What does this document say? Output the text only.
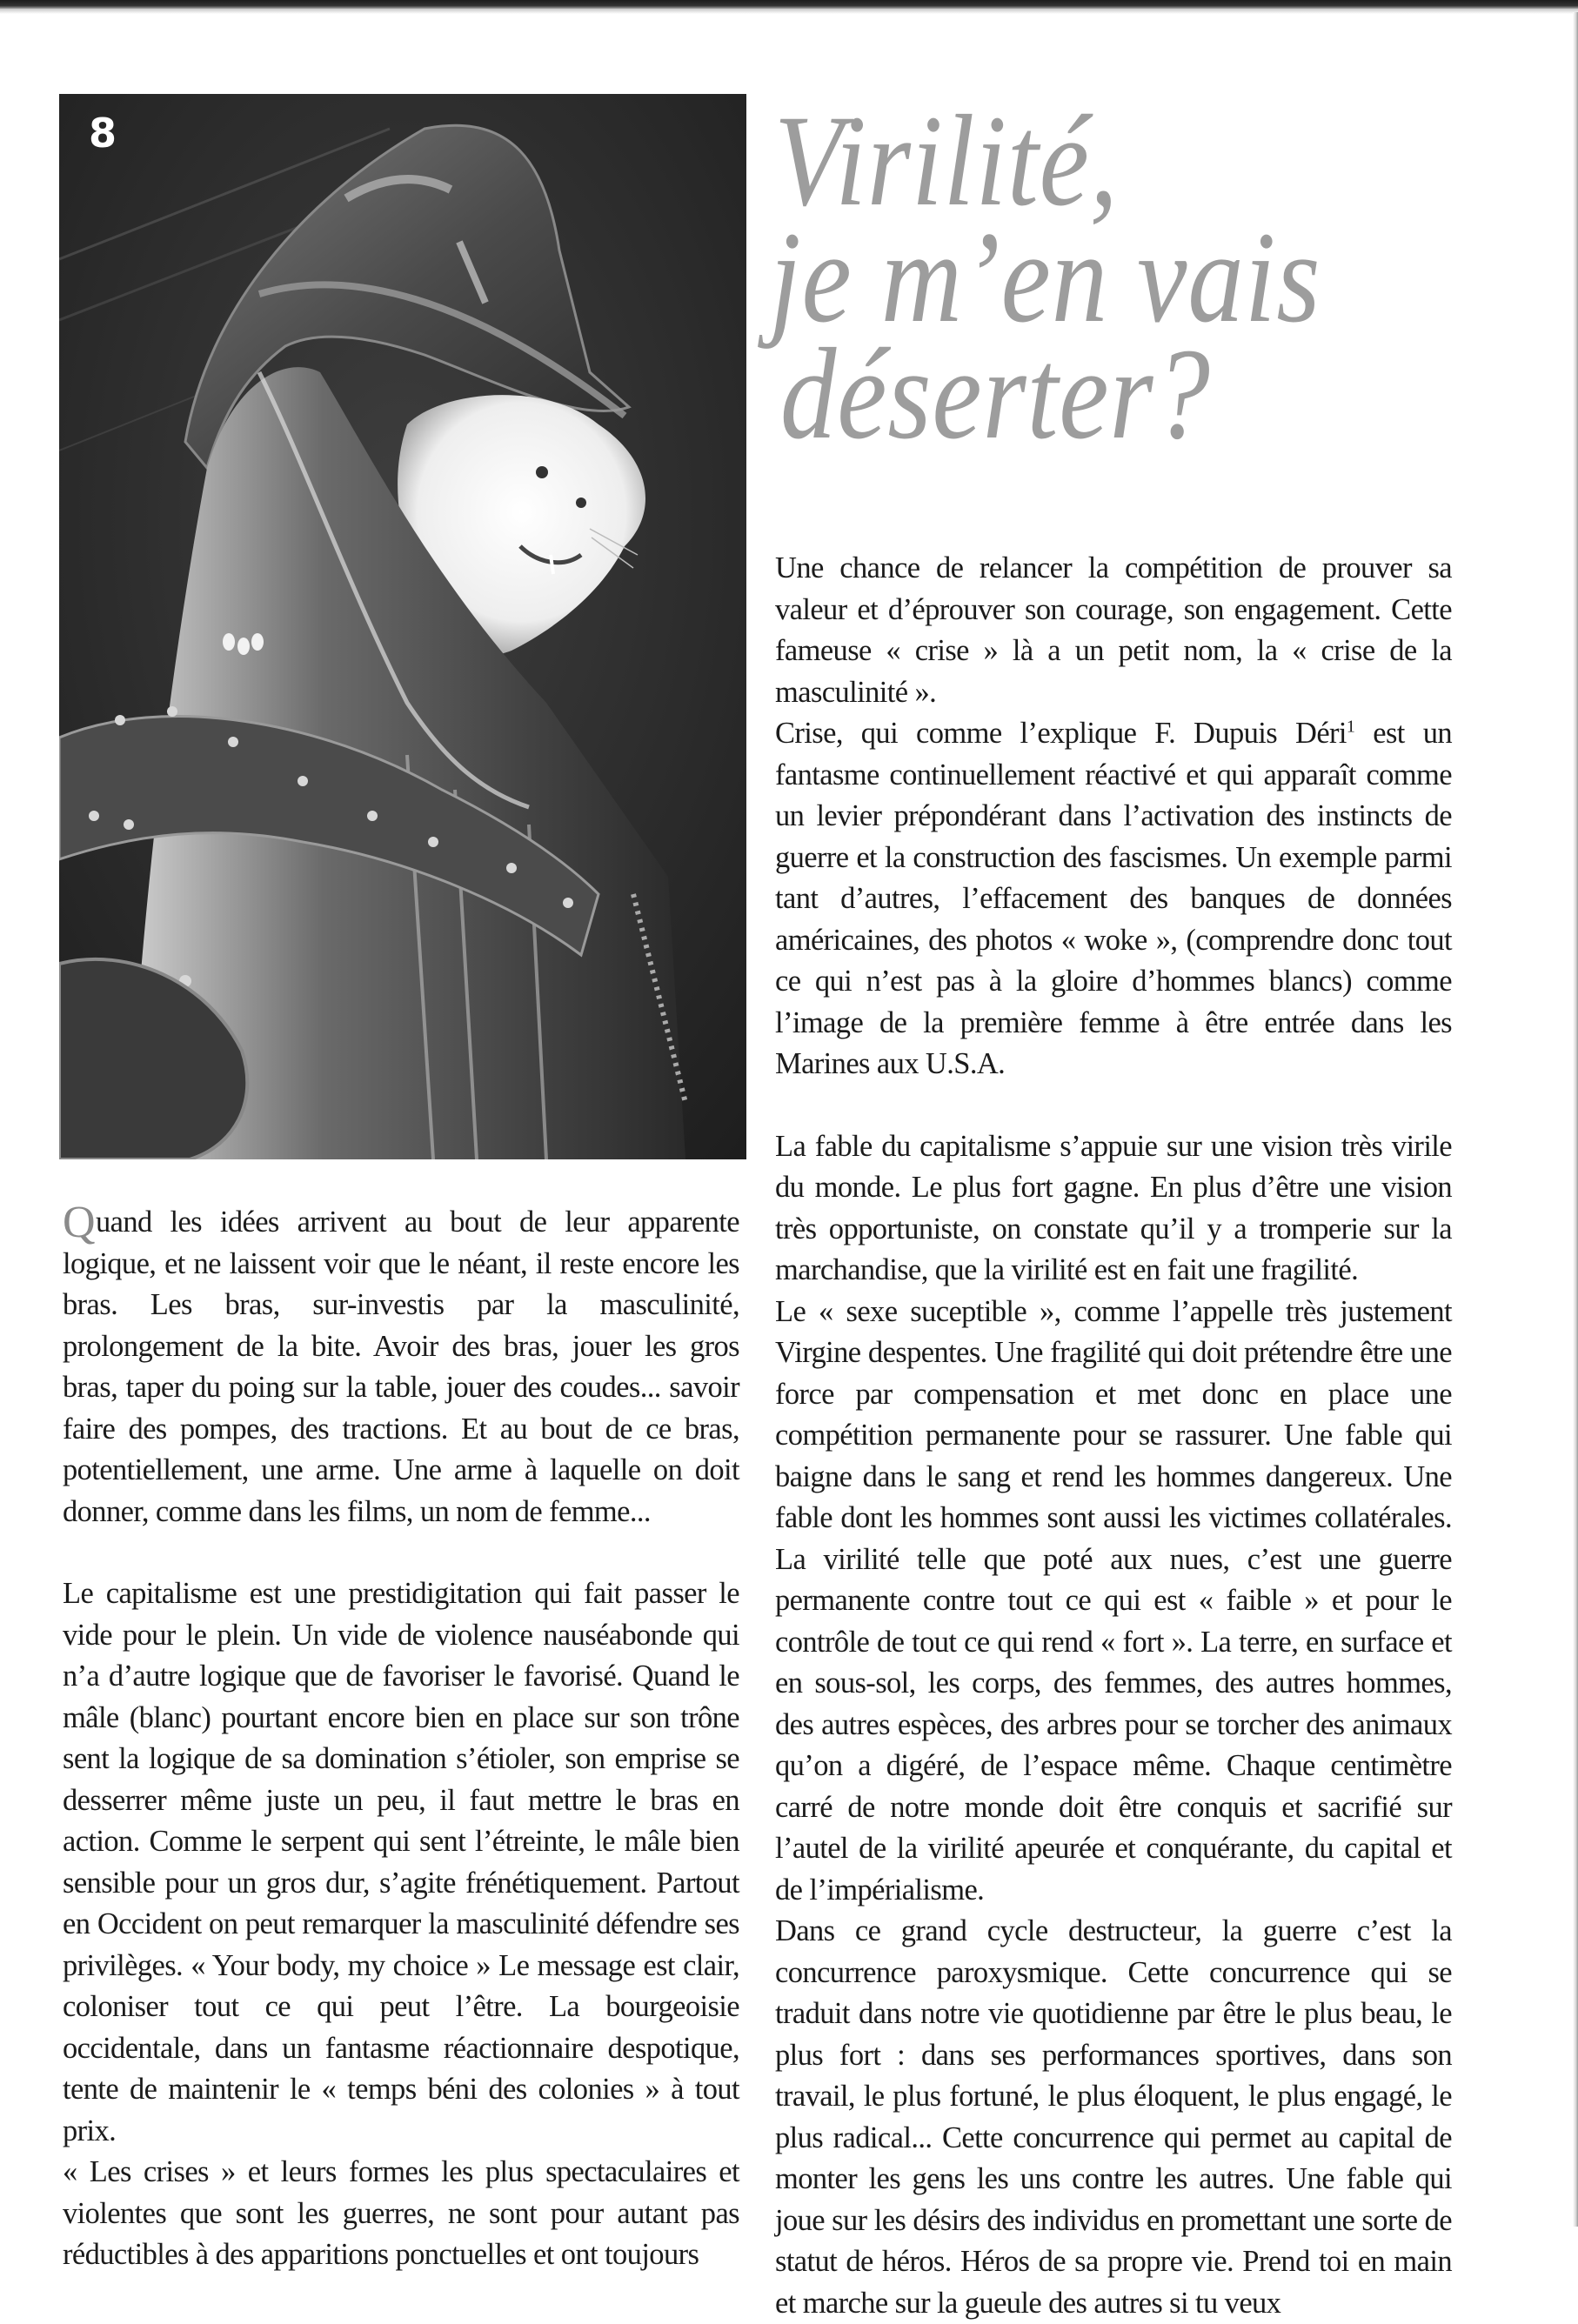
8	Virilité,
je m’en vais
déserter?

Une chance de relancer la compétition de prouver sa valeur et d’éprouver son courage, son engagement. Cette fameuse « crise » là a un petit nom, la « crise de la masculinité ».

Crise, qui comme l’explique F. Dupuis Déri$^1$ est un fantasme continuellement réactivé et qui apparaît comme un levier prépondérant dans l’activation des instincts de guerre et la construction des fascismes. Un exemple parmi tant d’autres, l’effacement des banques de données américaines, des photos « woke », (comprendre donc tout ce qui n’est pas à la gloire d’hommes blancs) comme l’image de la première femme à être entrée dans les Marines aux U.S.A.

La fable du capitalisme s’appuie sur une vision très virile du monde. Le plus fort gagne. En plus d’être une vision très opportuniste, on constate qu’il y a tromperie sur la marchandise, que la virilité est en fait une fragilité.

Le « sexe suceptible », comme l’appelle très justement Virgine despentes. Une fragilité qui doit prétendre être une force par compensation et met donc en place une compétition permanente pour se rassurer. Une fable qui baigne dans le sang et rend les hommes dangereux. Une fable dont les hommes sont aussi les victimes collatérales. La virilité telle que poté aux nues, c’est une guerre permanente contre tout ce qui est « faible » et pour le contrôle de tout ce qui rend « fort ». La terre, en surface et en sous-sol, les corps, des femmes, des autres hommes, des autres espèces, des arbres pour se torcher des animaux qu’on a digéré, de l’espace même. Chaque centimètre carré de notre monde doit être conquis et sacrifié sur l’autel de la virilité apeurée et conquérante, du capital et de l’impérialisme.

Dans ce grand cycle destructeur, la guerre c’est la concurrence paroxysmique. Cette concurrence qui se traduit dans notre vie quotidienne par être le plus beau, le plus fort : dans ses performances sportives, dans son travail, le plus fortuné, le plus éloquent, le plus engagé, le plus radical... Cette concurrence qui permet au capital de monter les gens les uns contre les autres. Une fable qui joue sur les désirs des individus en promettant une sorte de statut de héros. Héros de sa propre vie. Prend toi en main et marche sur la gueule des autres si tu veux

Quand les idées arrivent au bout de leur apparente logique, et ne laissent voir que le néant, il reste encore les bras. Les bras, sur-investis par la masculinité, prolongement de la bite. Avoir des bras, jouer les gros bras, taper du poing sur la table, jouer des coudes... savoir faire des pompes, des tractions. Et au bout de ce bras, potentiellement, une arme. Une arme à laquelle on doit donner, comme dans les films, un nom de femme...

Le capitalisme est une prestidigitation qui fait passer le vide pour le plein. Un vide de violence nauséabonde qui n’a d’autre logique que de favoriser le favorisé. Quand le mâle (blanc) pourtant encore bien en place sur son trône sent la logique de sa domination s’étioler, son emprise se desserrer même juste un peu, il faut mettre le bras en action. Comme le serpent qui sent l’étreinte, le mâle bien sensible pour un gros dur, s’agite frénétiquement. Partout en Occident on peut remarquer la masculinité défendre ses privilèges. « Your body, my choice » Le message est clair, coloniser tout ce qui peut l’être. La bourgeoisie occidentale, dans un fantasme réactionnaire despotique, tente de maintenir le « temps béni des colonies » à tout prix.

« Les crises » et leurs formes les plus spectaculaires et violentes que sont les guerres, ne sont pour autant pas réductibles à des apparitions ponctuelles et ont toujours
